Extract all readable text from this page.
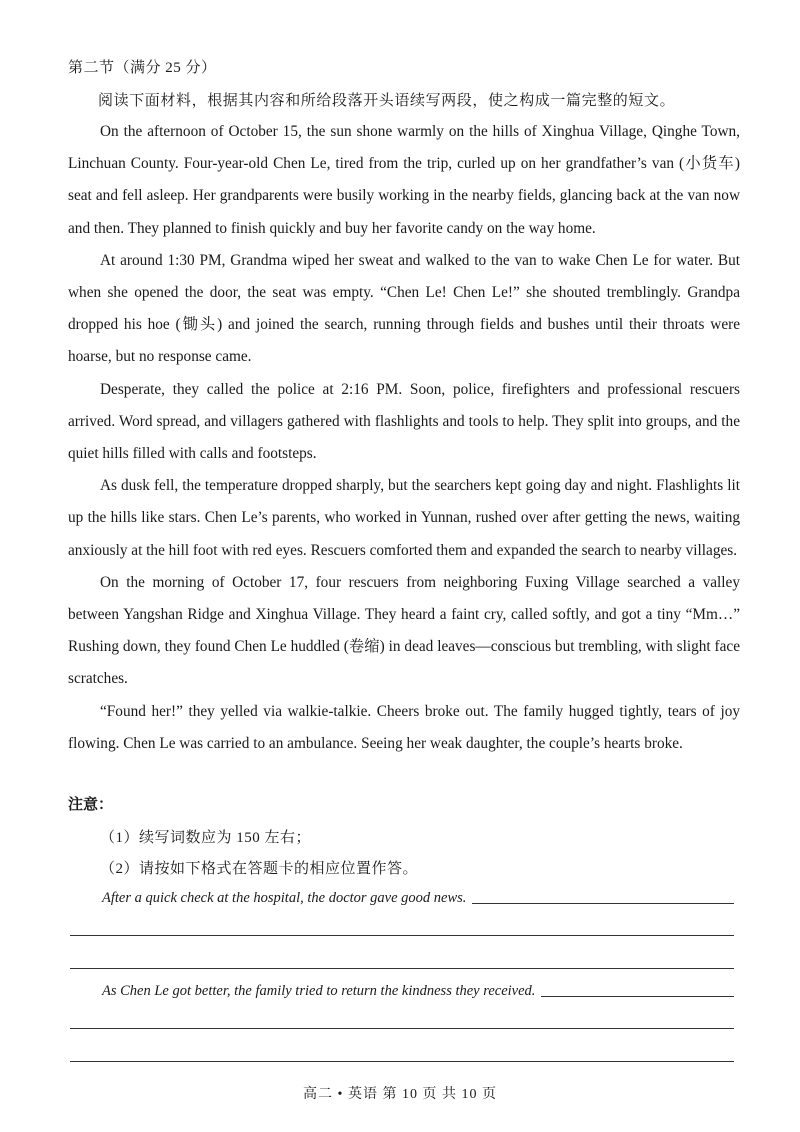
第二节（满分 25 分）
阅读下面材料，根据其内容和所给段落开头语续写两段，使之构成一篇完整的短文。

On the afternoon of October 15, the sun shone warmly on the hills of Xinghua Village, Qinghe Town, Linchuan County. Four-year-old Chen Le, tired from the trip, curled up on her grandfather’s van (小货车) seat and fell asleep. Her grandparents were busily working in the nearby fields, glancing back at the van now and then. They planned to finish quickly and buy her favorite candy on the way home.

At around 1:30 PM, Grandma wiped her sweat and walked to the van to wake Chen Le for water. But when she opened the door, the seat was empty. “Chen Le! Chen Le!” she shouted tremblingly. Grandpa dropped his hoe (锄头) and joined the search, running through fields and bushes until their throats were hoarse, but no response came.

Desperate, they called the police at 2:16 PM. Soon, police, firefighters and professional rescuers arrived. Word spread, and villagers gathered with flashlights and tools to help. They split into groups, and the quiet hills filled with calls and footsteps.

As dusk fell, the temperature dropped sharply, but the searchers kept going day and night. Flashlights lit up the hills like stars. Chen Le’s parents, who worked in Yunnan, rushed over after getting the news, waiting anxiously at the hill foot with red eyes. Rescuers comforted them and expanded the search to nearby villages.

On the morning of October 17, four rescuers from neighboring Fuxing Village searched a valley between Yangshan Ridge and Xinghua Village. They heard a faint cry, called softly, and got a tiny “Mm…” Rushing down, they found Chen Le huddled (卷缩) in dead leaves—conscious but trembling, with slight face scratches.

“Found her!” they yelled via walkie-talkie. Cheers broke out. The family hugged tightly, tears of joy flowing. Chen Le was carried to an ambulance. Seeing her weak daughter, the couple’s hearts broke.

注意：
（1）续写词数应为 150 左右；
（2）请按如下格式在答题卡的相应位置作答。
After a quick check at the hospital, the doctor gave good news.
As Chen Le got better, the family tried to return the kindness they received.
高二 • 英语 第 10 页 共 10 页
